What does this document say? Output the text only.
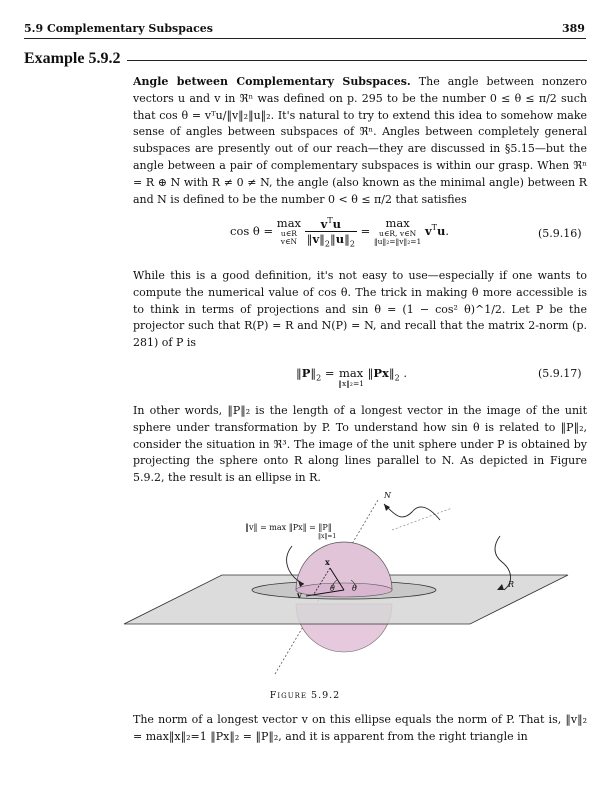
5.9 Complementary Subspaces	389
Example 5.9.2
Angle between Complementary Subspaces. The angle between nonzero vectors u and v in ℜⁿ was defined on p. 295 to be the number 0 ≤ θ ≤ π/2 such that cos θ = vᵀu/‖v‖₂‖u‖₂. It's natural to try to extend this idea to somehow make sense of angles between subspaces of ℜⁿ. Angles between completely general subspaces are presently out of our reach—they are discussed in §5.15—but the angle between a pair of complementary subspaces is within our grasp. When ℜⁿ = R ⊕ N with R ≠ 0 ≠ N, the angle (also known as the minimal angle) between R and N is defined to be the number 0 < θ ≤ π/2 that satisfies
cos θ = max
u∈R
v∈N
$\frac{v^Tu}{‖v‖_2‖u‖_2} = \max$
u∈R, v∈N
‖u‖₂=‖v‖₂=1
$v^Tu$.	(5.9.16)
While this is a good definition, it's not easy to use—especially if one wants to compute the numerical value of cos θ. The trick in making θ more accessible is to think in terms of projections and sin θ = (1 − cos² θ)^1/2. Let P be the projector such that R(P) = R and N(P) = N, and recall that the matrix 2-norm (p. 281) of P is
$‖P‖_2 = \max$
‖x‖₂=1
$‖Px‖_2$ .	(5.9.17)
In other words, ‖P‖₂ is the length of a longest vector in the image of the unit sphere under transformation by P. To understand how sin θ is related to ‖P‖₂, consider the situation in ℜ³. The image of the unit sphere under P is obtained by projecting the sphere onto R along lines parallel to N. As depicted in Figure 5.9.2, the result is an ellipse in R.
‖v‖ = max ‖Px‖ = ‖P‖
‖x‖=1
N
R
x
v
θ θ
Figure 5.9.2
The norm of a longest vector v on this ellipse equals the norm of P. That is, ‖v‖₂ = max‖x‖₂=1 ‖Px‖₂ = ‖P‖₂, and it is apparent from the right triangle in
